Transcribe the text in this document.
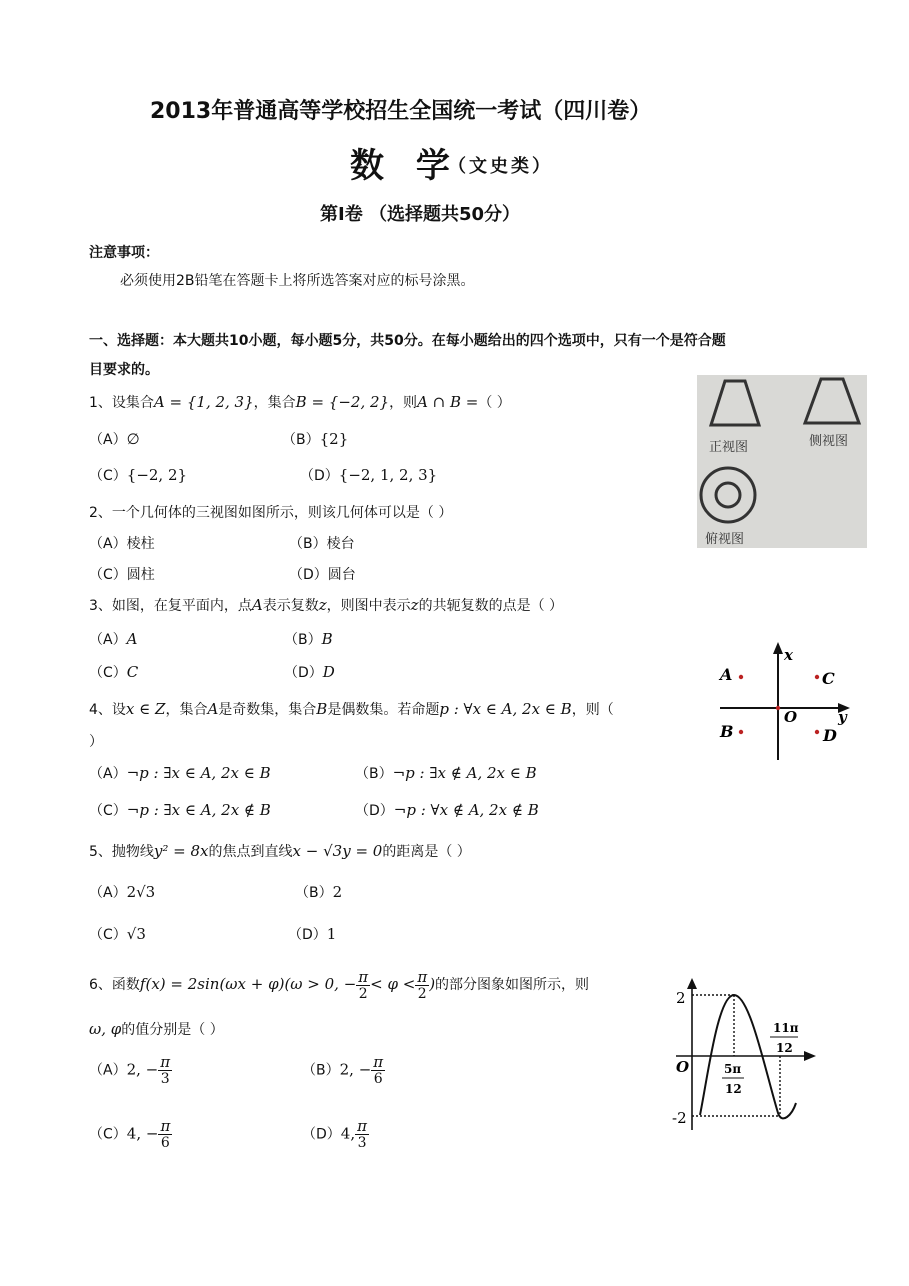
2013年普通高等学校招生全国统一考试（四川卷）
数 学
（文史类）
第Ⅰ卷 （选择题共50分）
注意事项：
必须使用2B铅笔在答题卡上将所选答案对应的标号涂黑。
一、选择题：本大题共10小题，每小题5分，共50分。在每小题给出的四个选项中，只有一个是符合题
目要求的。
1、设集合A = {1, 2, 3}，集合B = {−2, 2}，则A ∩ B =（ ）
（A）∅	（B）{2}
（C）{−2, 2}	（D）{−2, 1, 2, 3}
2、一个几何体的三视图如图所示，则该几何体可以是（ ）
（A）棱柱	（B）棱台
（C）圆柱	（D）圆台
正视图	侧视图
俯视图
3、如图，在复平面内，点A表示复数z，则图中表示z的共轭复数的点是（ ）
（A）A	（B）B
（C）C	（D）D
x
y
O
A	C
B	D
4、设x ∈ Z，集合A是奇数集，集合B是偶数集。若命题p : ∀x ∈ A, 2x ∈ B，则（
）
（A）¬p : ∃x ∈ A, 2x ∈ B	（B）¬p : ∃x ∉ A, 2x ∈ B
（C）¬p : ∃x ∈ A, 2x ∉ B	（D）¬p : ∀x ∉ A, 2x ∉ B
5、抛物线y² = 8x的焦点到直线x − √3y = 0的距离是（ ）
（A）2√3	（B）2
（C）√3	（D）1
6、函数f(x) = 2sin(ωx + φ)(ω > 0, − $\frac{\pi}{2} < \varphi < \frac{\pi}{2}$ )的部分图象如图所示，则
ω, φ的值分别是（ ）
（A）2, − $\frac{\pi}{3}$	（B）2, − $\frac{\pi}{6}$
（C）4, − $\frac{\pi}{6}$	（D）4, $\frac{\pi}{3}$
2
-2
O	5π
12
11π
12
